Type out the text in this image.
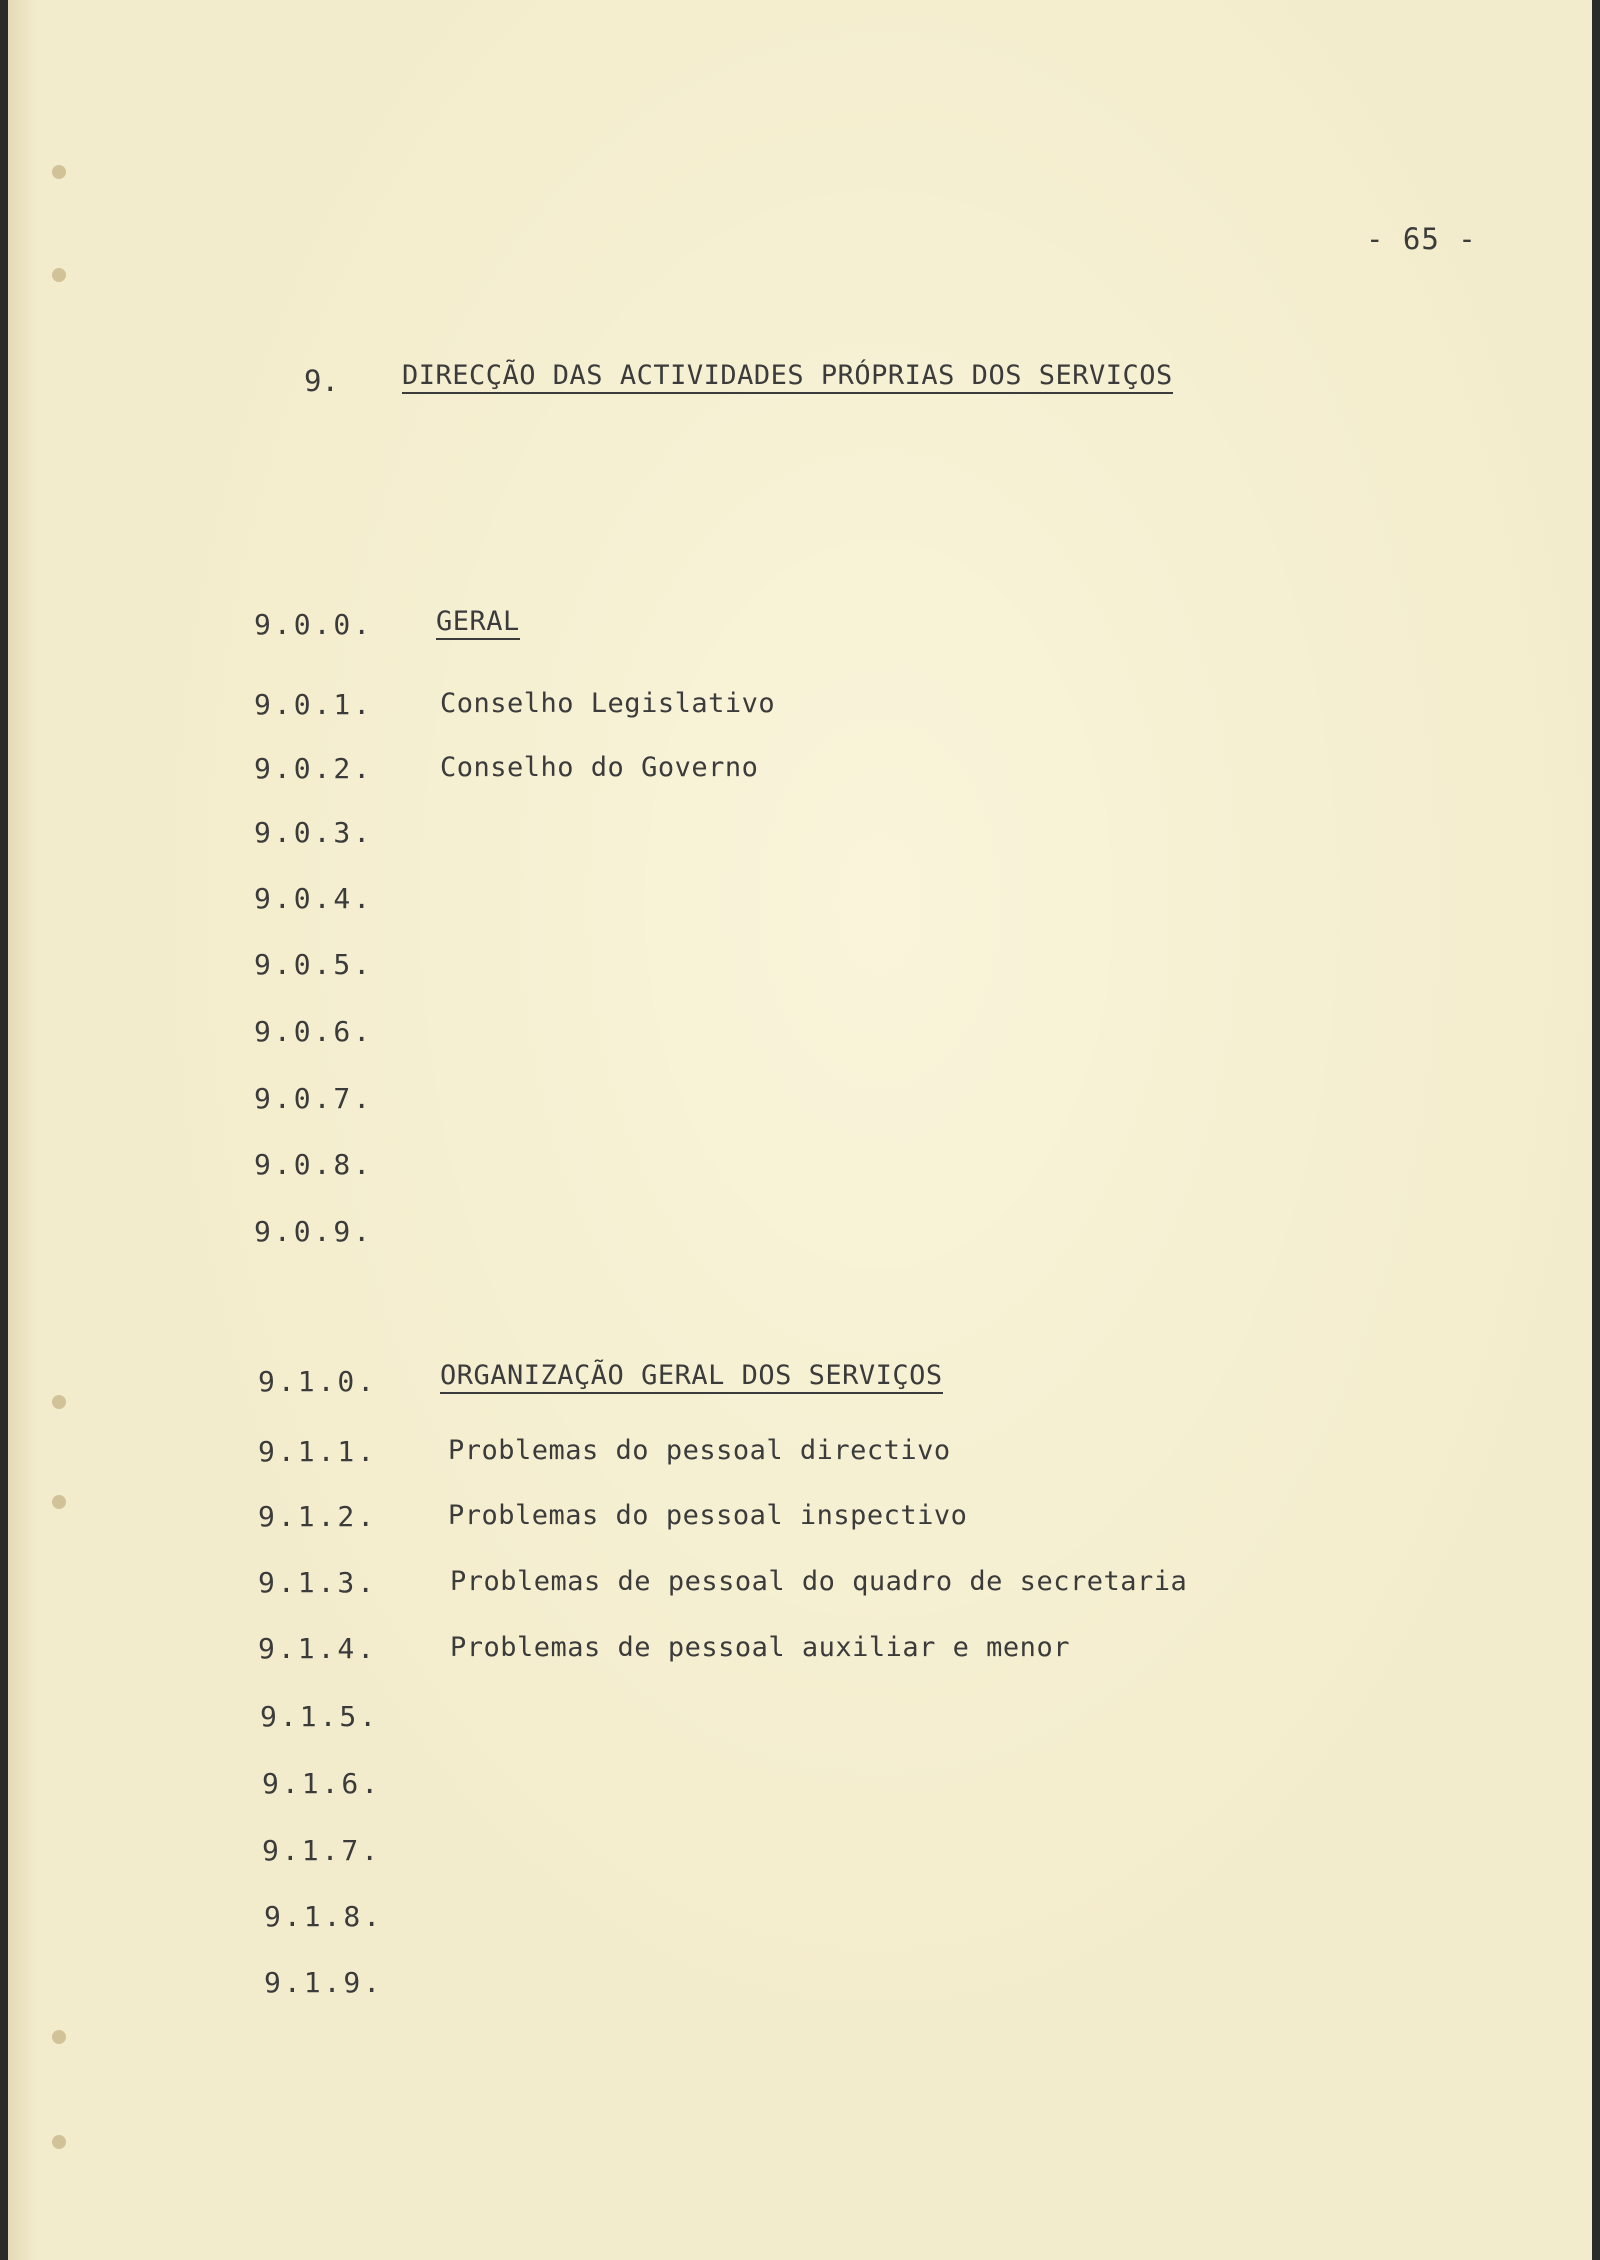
- 65 -
9. DIRECÇÃO DAS ACTIVIDADES PRÓPRIAS DOS SERVIÇOS
9.0.0. GERAL
9.0.1. Conselho Legislativo
9.0.2. Conselho do Governo
9.0.3.
9.0.4.
9.0.5.
9.0.6.
9.0.7.
9.0.8.
9.0.9.
9.1.0. ORGANIZAÇÃO GERAL DOS SERVIÇOS
9.1.1.	Problemas do pessoal directivo
9.1.2.	Problemas do pessoal inspectivo
9.1.3.	Problemas de pessoal do quadro de secretaria
9.1.4.	Problemas de pessoal auxiliar e menor
9.1.5.
9.1.6.
9.1.7.
9.1.8.
9.1.9.
